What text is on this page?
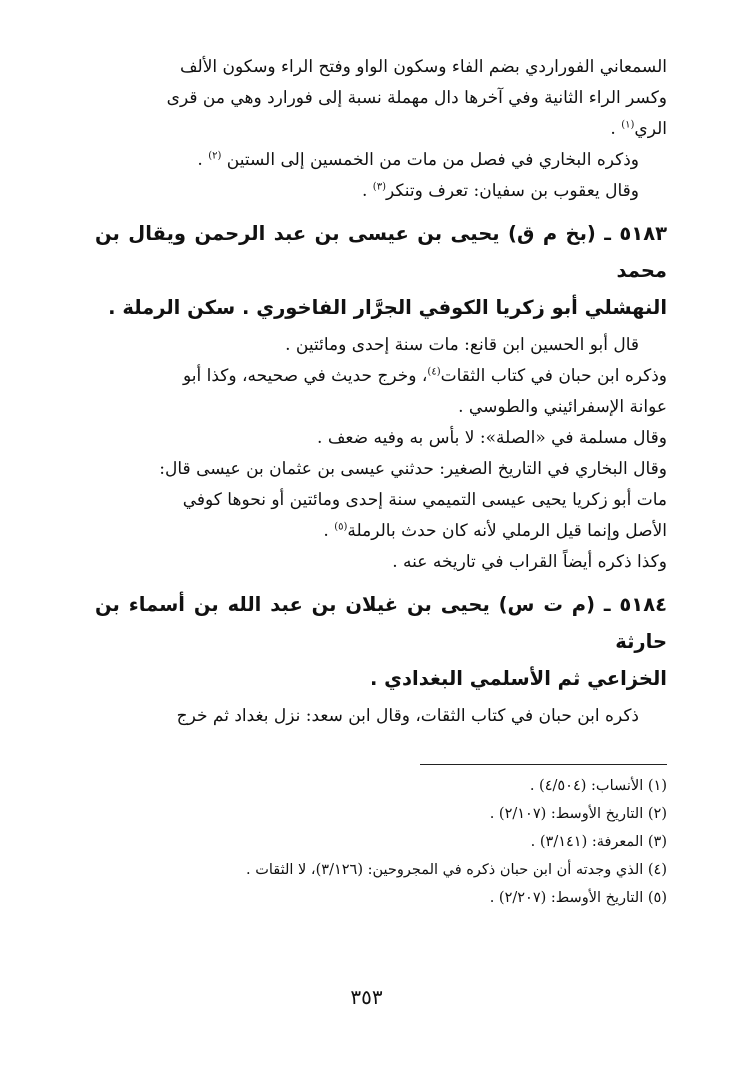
السمعاني الفوراردي بضم الفاء وسكون الواو وفتح الراء وسكون الألف

وكسر الراء الثانية وفي آخرها دال مهملة نسبة إلى فورارد وهي من قرى

الري$^{(١)}$ .

وذكره البخاري في فصل من مات من الخمسين إلى الستين $^{(٢)}$ .

وقال يعقوب بن سفيان: تعرف وتنكر$^{(٣)}$ .

٥١٨٣ ـ (بخ م ق) يحيى بن عيسى بن عبد الرحمن ويقال بن محمد

النهشلي أبو زكريا الكوفي الجرَّار الفاخوري . سكن الرملة .

قال أبو الحسين ابن قانع: مات سنة إحدى ومائتين .

وذكره ابن حبان في كتاب الثقات$^{(٤)}$، وخرج حديث في صحيحه، وكذا أبو

عوانة الإسفرائيني والطوسي .

وقال مسلمة في «الصلة»: لا بأس به وفيه ضعف .

وقال البخاري في التاريخ الصغير: حدثني عيسى بن عثمان بن عيسى قال:

مات أبو زكريا يحيى عيسى التميمي سنة إحدى ومائتين أو نحوها كوفي

الأصل وإنما قيل الرملي لأنه كان حدث بالرملة$^{(٥)}$ .

وكذا ذكره أيضاً القراب في تاريخه عنه .

٥١٨٤ ـ (م ت س) يحيى بن غيلان بن عبد الله بن أسماء بن حارثة

الخزاعي ثم الأسلمي البغدادي .

ذكره ابن حبان في كتاب الثقات، وقال ابن سعد: نزل بغداد ثم خرج

(١) الأنساب: (٤/٥٠٤) .

(٢) التاريخ الأوسط: (٢/١٠٧) .

(٣) المعرفة: (٣/١٤١) .

(٤) الذي وجدته أن ابن حبان ذكره في المجروحين: (٣/١٢٦)، لا الثقات .

(٥) التاريخ الأوسط: (٢/٢٠٧) .

٣٥٣
